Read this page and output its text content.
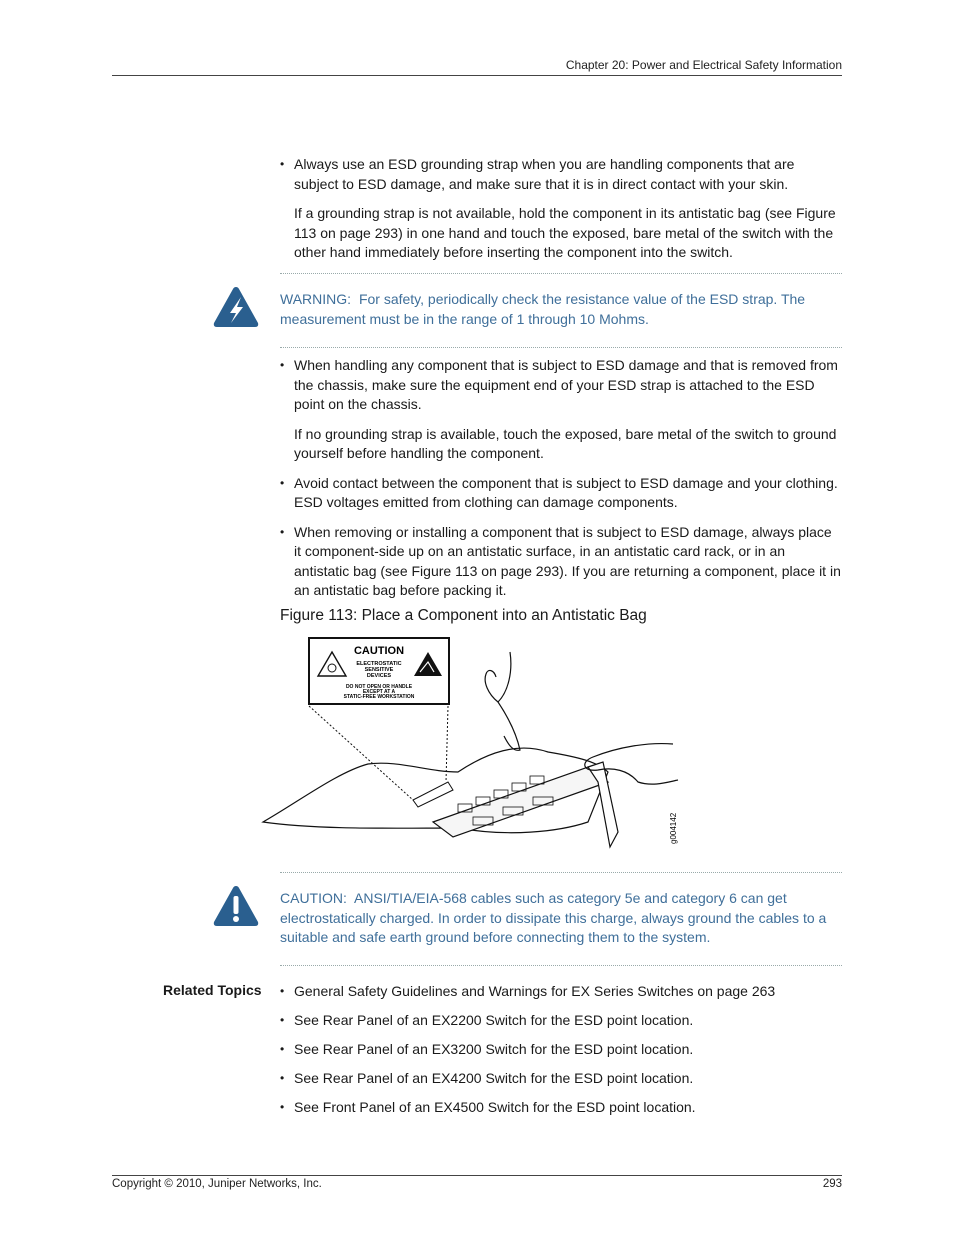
Chapter 20: Power and Electrical Safety Information
• Always use an ESD grounding strap when you are handling components that are subject to ESD damage, and make sure that it is in direct contact with your skin.
If a grounding strap is not available, hold the component in its antistatic bag (see Figure 113 on page 293) in one hand and touch the exposed, bare metal of the switch with the other hand immediately before inserting the component into the switch.
WARNING: For safety, periodically check the resistance value of the ESD strap. The measurement must be in the range of 1 through 10 Mohms.
• When handling any component that is subject to ESD damage and that is removed from the chassis, make sure the equipment end of your ESD strap is attached to the ESD point on the chassis.
If no grounding strap is available, touch the exposed, bare metal of the switch to ground yourself before handling the component.
• Avoid contact between the component that is subject to ESD damage and your clothing. ESD voltages emitted from clothing can damage components.
• When removing or installing a component that is subject to ESD damage, always place it component-side up on an antistatic surface, in an antistatic card rack, or in an antistatic bag (see Figure 113 on page 293). If you are returning a component, place it in an antistatic bag before packing it.
Figure 113: Place a Component into an Antistatic Bag
CAUTION
ELECTROSTATIC
SENSITIVE
DEVICES
DO NOT OPEN OR HANDLE
EXCEPT AT A
STATIC-FREE WORKSTATION
g004142
CAUTION: ANSI/TIA/EIA-568 cables such as category 5e and category 6 can get electrostatically charged. In order to dissipate this charge, always ground the cables to a suitable and safe earth ground before connecting them to the system.
Related Topics
•	General Safety Guidelines and Warnings for EX Series Switches on page 263
• See Rear Panel of an EX2200 Switch for the ESD point location.
• See Rear Panel of an EX3200 Switch for the ESD point location.
• See Rear Panel of an EX4200 Switch for the ESD point location.
• See Front Panel of an EX4500 Switch for the ESD point location.
Copyright © 2010, Juniper Networks, Inc.	293
